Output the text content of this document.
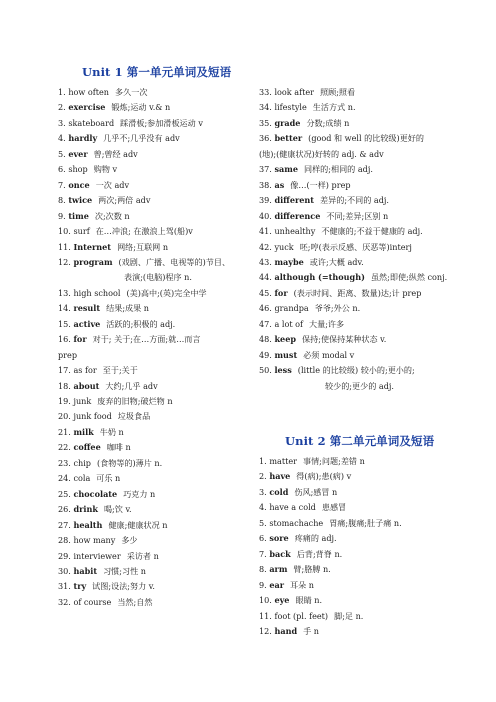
Unit 1 第一单元单词及短语
1. how often 多久一次
2. exercise 锻炼;运动 v.& n
3. skateboard 踩滑板;参加滑板运动 v
4. hardly 几乎不;几乎没有 adv
5. ever 曾;曾经 adv
6. shop 购物 v
7. once 一次 adv
8. twice 两次;两倍 adv
9. time 次;次数 n
10. surf 在…冲浪; 在激浪上驾(船)v
11. Internet 网络;互联网 n
12. program (戏剧、广播、电视等的)节目、
表演;(电脑)程序 n.
13. high school (美)高中;(英)完全中学
14. result 结果;成果 n
15. active 活跃的;积极的 adj.
16. for 对于; 关于;在…方面;就…而言
prep
17. as for 至于;关于
18. about 大约;几乎 adv
19. junk 废弃的旧物;破烂物 n
20. junk food 垃圾食品
21. milk 牛奶 n
22. coffee 咖啡 n
23. chip (食物等的)薄片 n.
24. cola 可乐 n
25. chocolate 巧克力 n
26. drink 喝;饮 v.
27. health 健康;健康状况 n
28. how many 多少
29. interviewer 采访者 n
30. habit 习惯;习性 n
31. try 试图;设法;努力 v.
32. of course 当然;自然
33. look after 照顾;照看
34. lifestyle 生活方式 n.
35. grade 分数;成绩 n
36. better (good 和 well 的比较级)更好的
(地);(健康状况)好转的 adj. & adv
37. same 同样的;相同的 adj.
38. as 像…(一样) prep
39. different 差异的;不同的 adj.
40. difference 不同;差异;区别 n
41. unhealthy 不健康的;不益于健康的 adj.
42. yuck 呸;哼(表示反感、厌恶等)interj
43. maybe 或许;大概 adv.
44. although (=though) 虽然;即使;纵然 conj.
45. for (表示时间、距离、数量)达;计 prep
46. grandpa 爷爷;外公 n.
47. a lot of 大量;许多
48. keep 保持;使保持某种状态 v.
49. must 必须 modal v
50. less (little 的比较级) 较小的;更小的;
较少的;更少的 adj.
Unit 2 第二单元单词及短语
1. matter 事情;问题;差错 n
2. have 得(病);患(病) v
3. cold 伤风;感冒 n
4. have a cold 患感冒
5. stomachache 胃痛;腹痛;肚子痛 n.
6. sore 疼痛的 adj.
7. back 后背;背脊 n.
8. arm 臂;胳膊 n.
9. ear 耳朵 n
10. eye 眼睛 n.
11. foot (pl. feet) 脚;足 n.
12. hand 手 n
